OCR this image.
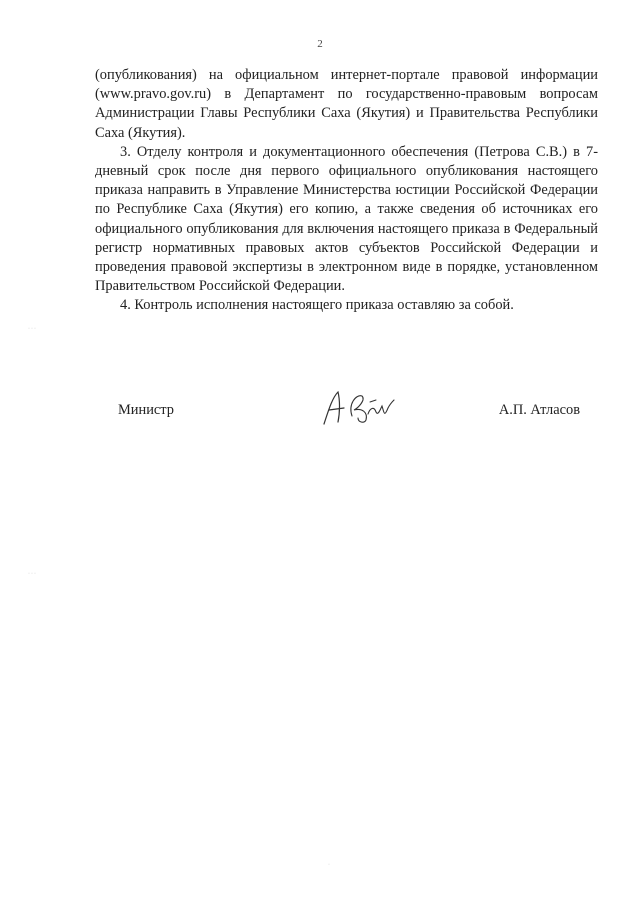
2

(опубликования) на официальном интернет-портале правовой информации (www.pravo.gov.ru) в Департамент по государственно-правовым вопросам Администрации Главы Республики Саха (Якутия) и Правительства Республики Саха (Якутия).

3. Отделу контроля и документационного обеспечения (Петрова С.В.) в 7-дневный срок после дня первого официального опубликования настоящего приказа направить в Управление Министерства юстиции Российской Федерации по Республике Саха (Якутия) его копию, а также сведения об источниках его официального опубликования для включения настоящего приказа в Федеральный регистр нормативных правовых актов субъектов Российской Федерации и проведения правовой экспертизы в электронном виде в порядке, установленном Правительством Российской Федерации.

4. Контроль исполнения настоящего приказа оставляю за собой.

Министр	А.П. Атласов
···
···
·
